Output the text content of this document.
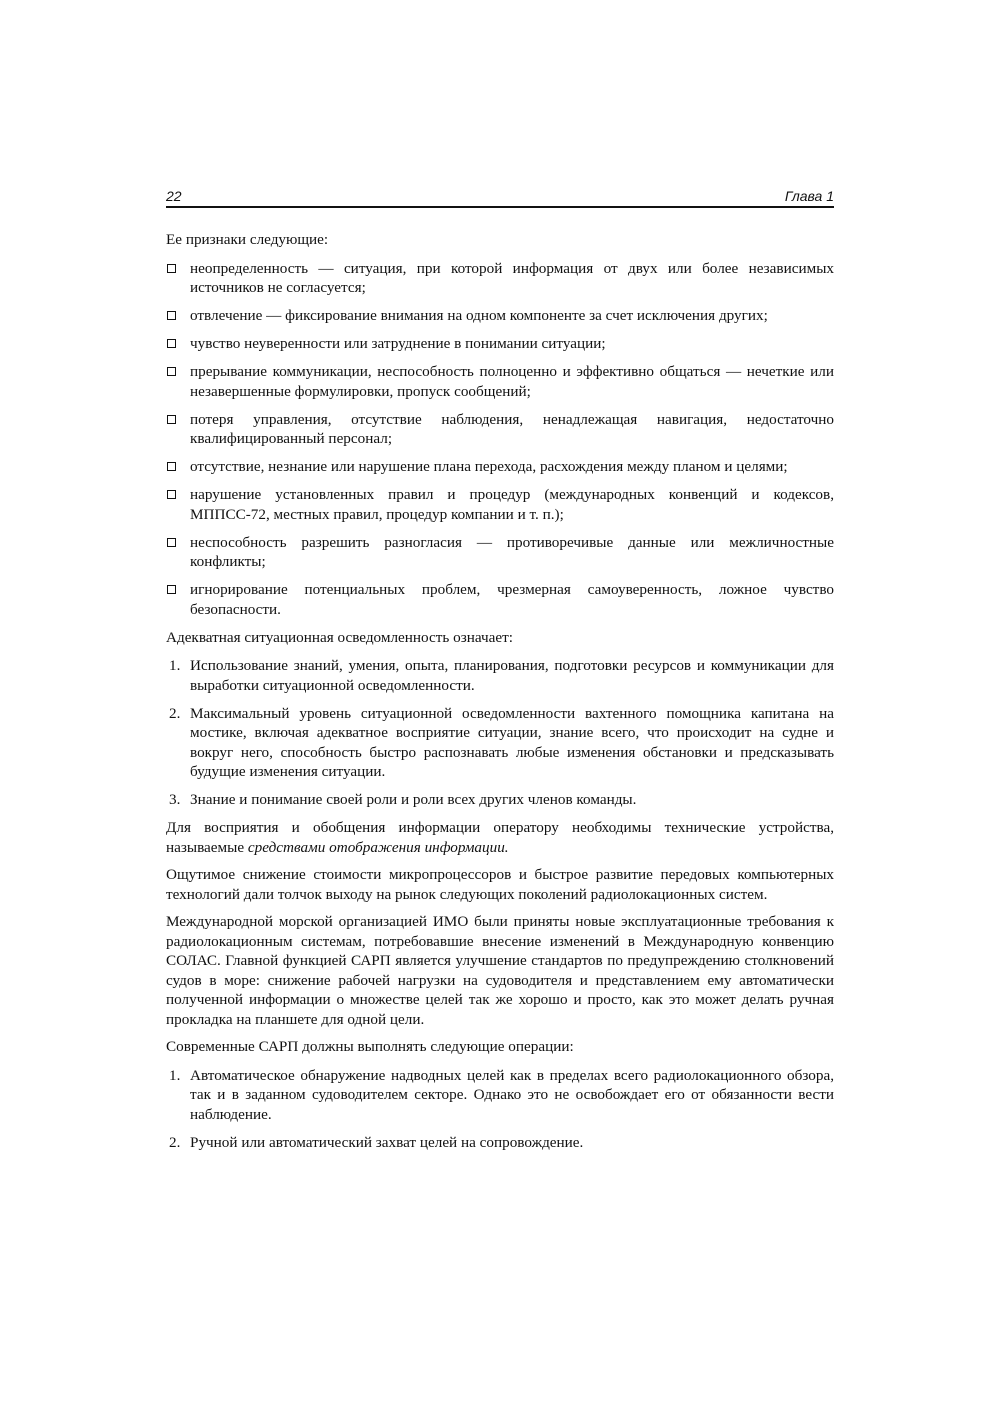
22	Глава 1

Ее признаки следующие:

неопределенность — ситуация, при которой информация от двух или более независимых источников не согласуется;
отвлечение — фиксирование внимания на одном компоненте за счет исключения других;
чувство неуверенности или затруднение в понимании ситуации;
прерывание коммуникации, неспособность полноценно и эффективно общаться — нечеткие или незавершенные формулировки, пропуск сообщений;
потеря управления, отсутствие наблюдения, ненадлежащая навигация, недостаточно квалифицированный персонал;
отсутствие, незнание или нарушение плана перехода, расхождения между планом и целями;
нарушение установленных правил и процедур (международных конвенций и кодексов, МППСС-72, местных правил, процедур компании и т. п.);
неспособность разрешить разногласия — противоречивые данные или межличностные конфликты;
игнорирование потенциальных проблем, чрезмерная самоуверенность, ложное чувство безопасности.

Адекватная ситуационная осведомленность означает:

1. Использование знаний, умения, опыта, планирования, подготовки ресурсов и коммуникации для выработки ситуационной осведомленности.
2. Максимальный уровень ситуационной осведомленности вахтенного помощника капитана на мостике, включая адекватное восприятие ситуации, знание всего, что происходит на судне и вокруг него, способность быстро распознавать любые изменения обстановки и предсказывать будущие изменения ситуации.
3. Знание и понимание своей роли и роли всех других членов команды.

Для восприятия и обобщения информации оператору необходимы технические устройства, называемые средствами отображения информации.

Ощутимое снижение стоимости микропроцессоров и быстрое развитие передовых компьютерных технологий дали толчок выходу на рынок следующих поколений радиолокационных систем.

Международной морской организацией ИМО были приняты новые эксплуатационные требования к радиолокационным системам, потребовавшие внесение изменений в Международную конвенцию СОЛАС. Главной функцией САРП является улучшение стандартов по предупреждению столкновений судов в море: снижение рабочей нагрузки на судоводителя и представлением ему автоматически полученной информации о множестве целей так же хорошо и просто, как это может делать ручная прокладка на планшете для одной цели.

Современные САРП должны выполнять следующие операции:

1. Автоматическое обнаружение надводных целей как в пределах всего радиолокационного обзора, так и в заданном судоводителем секторе. Однако это не освобождает его от обязанности вести наблюдение.
2. Ручной или автоматический захват целей на сопровождение.
